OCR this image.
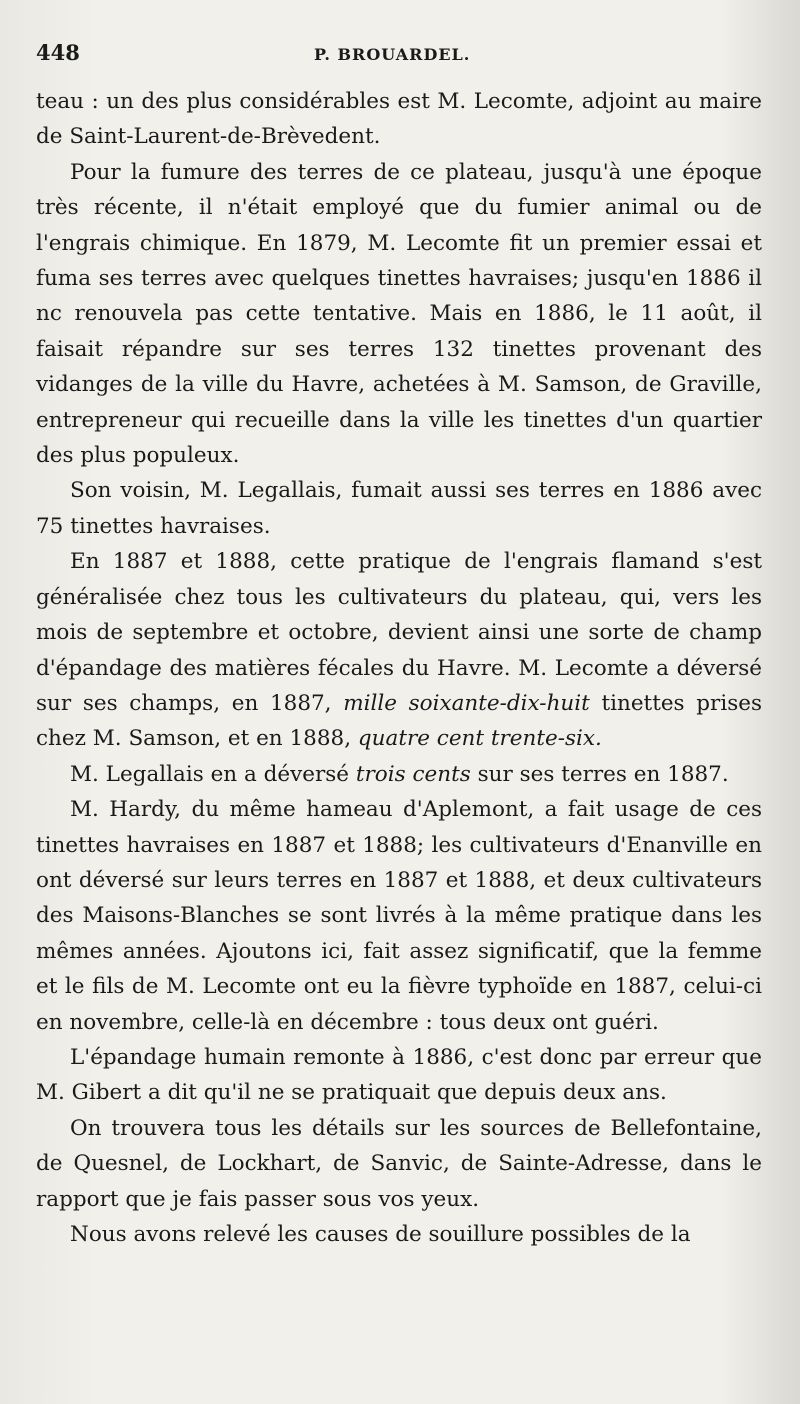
448	P. BROUARDEL.

teau : un des plus considérables est M. Lecomte, adjoint au maire de Saint-Laurent-de-Brèvedent.

Pour la fumure des terres de ce plateau, jusqu'à une époque très récente, il n'était employé que du fumier animal ou de l'engrais chimique. En 1879, M. Lecomte fit un premier essai et fuma ses terres avec quelques tinettes havraises; jusqu'en 1886 il nc renouvela pas cette tentative. Mais en 1886, le 11 août, il faisait répandre sur ses terres 132 tinettes provenant des vidanges de la ville du Havre, achetées à M. Samson, de Graville, entrepreneur qui recueille dans la ville les tinettes d'un quartier des plus populeux.

Son voisin, M. Legallais, fumait aussi ses terres en 1886 avec 75 tinettes havraises.

En 1887 et 1888, cette pratique de l'engrais flamand s'est généralisée chez tous les cultivateurs du plateau, qui, vers les mois de septembre et octobre, devient ainsi une sorte de champ d'épandage des matières fécales du Havre. M. Lecomte a déversé sur ses champs, en 1887, mille soixante-dix-huit tinettes prises chez M. Samson, et en 1888, quatre cent trente-six.

M. Legallais en a déversé trois cents sur ses terres en 1887.

M. Hardy, du même hameau d'Aplemont, a fait usage de ces tinettes havraises en 1887 et 1888; les cultivateurs d'Enanville en ont déversé sur leurs terres en 1887 et 1888, et deux cultivateurs des Maisons-Blanches se sont livrés à la même pratique dans les mêmes années. Ajoutons ici, fait assez significatif, que la femme et le fils de M. Lecomte ont eu la fièvre typhoïde en 1887, celui-ci en novembre, celle-là en décembre : tous deux ont guéri.

L'épandage humain remonte à 1886, c'est donc par erreur que M. Gibert a dit qu'il ne se pratiquait que depuis deux ans.

On trouvera tous les détails sur les sources de Bellefontaine, de Quesnel, de Lockhart, de Sanvic, de Sainte-Adresse, dans le rapport que je fais passer sous vos yeux.

Nous avons relevé les causes de souillure possibles de la
